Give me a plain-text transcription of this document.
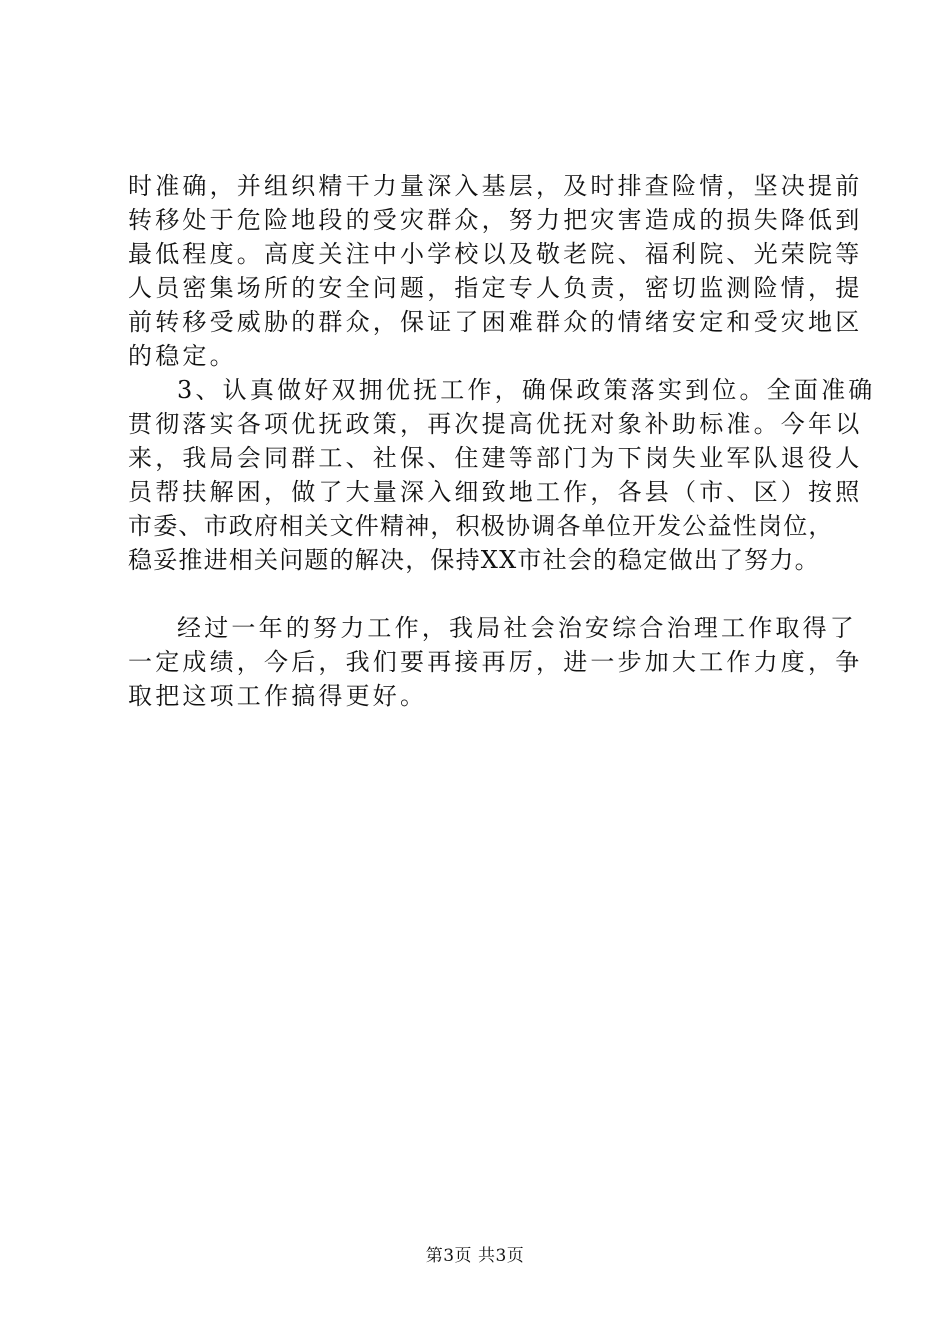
时准确，并组织精干力量深入基层，及时排查险情，坚决提前
转移处于危险地段的受灾群众，努力把灾害造成的损失降低到
最低程度。高度关注中小学校以及敬老院、福利院、光荣院等
人员密集场所的安全问题，指定专人负责，密切监测险情，提
前转移受威胁的群众，保证了困难群众的情绪安定和受灾地区
的稳定。
3、认真做好双拥优抚工作，确保政策落实到位。全面准确
贯彻落实各项优抚政策，再次提高优抚对象补助标准。今年以
来，我局会同群工、社保、住建等部门为下岗失业军队退役人
员帮扶解困，做了大量深入细致地工作，各县（市、区）按照
市委、市政府相关文件精神，积极协调各单位开发公益性岗位，
稳妥推进相关问题的解决，保持XX市社会的稳定做出了努力。
经过一年的努力工作，我局社会治安综合治理工作取得了
一定成绩，今后，我们要再接再厉，进一步加大工作力度，争
取把这项工作搞得更好。
第3页 共3页
